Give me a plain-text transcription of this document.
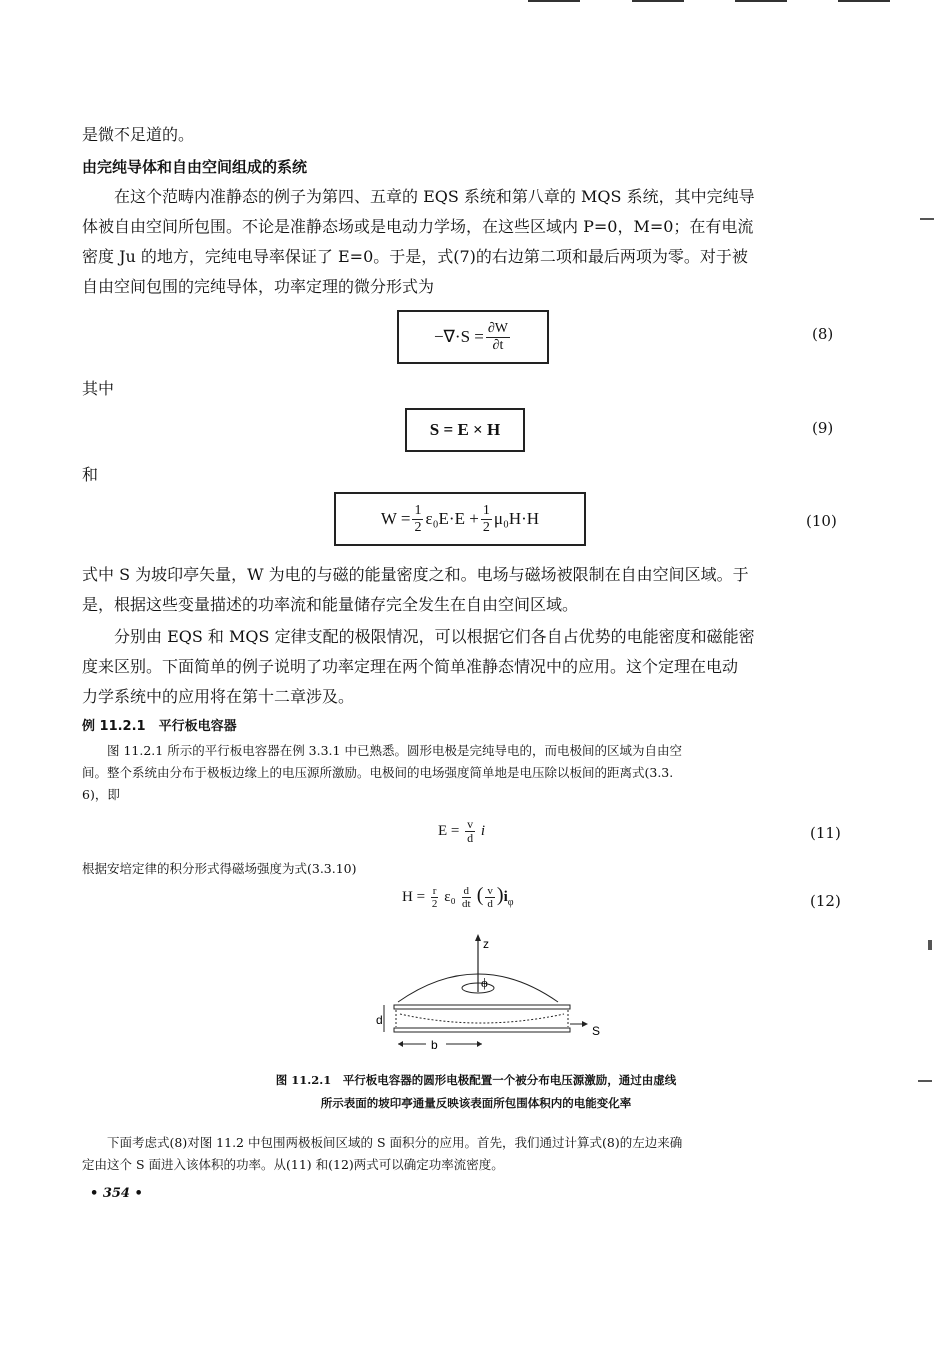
是微不足道的。

由完纯导体和自由空间组成的系统

在这个范畴内准静态的例子为第四、五章的 EQS 系统和第八章的 MQS 系统，其中完纯导

体被自由空间所包围。不论是准静态场或是电动力学场，在这些区域内 P=0，M=0；在有电流

密度 Ju 的地方，完纯电导率保证了 E=0。于是，式(7)的右边第二项和最后两项为零。对于被

自由空间包围的完纯导体，功率定理的微分形式为

$-\nabla\cdot S = \frac{\partial W}{\partial t}$	(8)

其中

S = E × H	(9)

和

$W = \frac{1}{2} \varepsilon_0E\cdot E + \frac{1}{2} \mu_0H\cdot H$	(10)

式中 S 为坡印亭矢量，W 为电的与磁的能量密度之和。电场与磁场被限制在自由空间区域。于

是，根据这些变量描述的功率流和能量储存完全发生在自由空间区域。

分别由 EQS 和 MQS 定律支配的极限情况，可以根据它们各自占优势的电能密度和磁能密

度来区别。下面简单的例子说明了功率定理在两个简单准静态情况中的应用。这个定理在电动

力学系统中的应用将在第十二章涉及。

例 11.2.1　平行板电容器

图 11.2.1 所示的平行板电容器在例 3.3.1 中已熟悉。圆形电极是完纯导电的，而电极间的区域为自由空

间。整个系统由分布于极板边缘上的电压源所激励。电极间的电场强度简单地是电压除以板间的距离式(3.3.

6)，即

$E = \frac{v}{d}$ i	(11)

根据安培定律的积分形式得磁场强度为式(3.3.10)

$H = \frac{r}{2} \varepsilon_0 \frac{d}{dt}$ ( $\frac{v}{d} )i_\varphi$	(12)
z
ϕ
d
b
S
图 11.2.1　平行板电容器的圆形电极配置一个被分布电压源激励，通过由虚线
所示表面的坡印亭通量反映该表面所包围体积内的电能变化率

下面考虑式(8)对图 11.2 中包围两极板间区域的 S 面积分的应用。首先，我们通过计算式(8)的左边来确

定由这个 S 面进入该体积的功率。从(11) 和(12)两式可以确定功率流密度。

• 354 •
